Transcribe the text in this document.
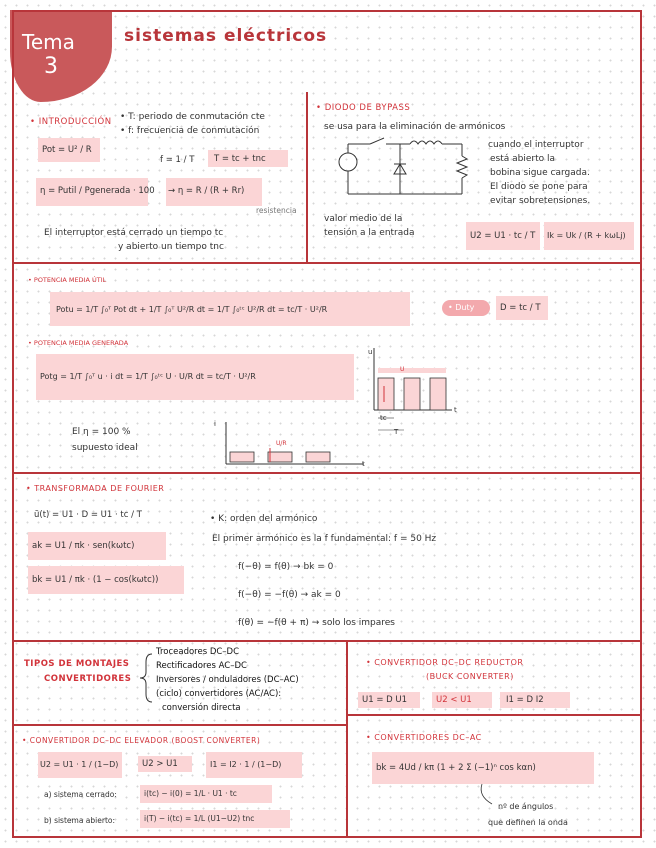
Tema
3
sistemas eléctricos
• INTRODUCCIÓN • T: periodo de conmutación cte
• f: frecuencia de conmutación
Pot = U² / R
f = 1 / T T = tc + tnc
η = Putil / Pgenerada · 100 → η = R / (R + Rr)
resistencia
El interruptor está cerrado un tiempo tc
y abierto un tiempo tnc
• DIODO DE BYPASS
se usa para la eliminación de armónicos
cuando el interruptor
está abierto la
bobina sigue cargada.
El diodo se pone para
evitar sobretensiones.
valor medio de la
tensión a la entrada	U2 = U1 · tc / T Ik = Uk / (R + kωLj)
• POTENCIA MEDIA ÚTIL
Potu = 1/T ∫₀ᵀ Pot dt + 1/T ∫₀ᵀ U²/R dt = 1/T ∫₀ᵗᶜ U²/R dt = tc/T · U²/R	• Duty	D = tc / T
• POTENCIA MEDIA GENERADA
Potg = 1/T ∫₀ᵀ u · i dt = 1/T ∫₀ᵗᶜ U · U/R dt = tc/T · U²/R
El η = 100 %
supuesto ideal
u
t
U
tc
T
i
t
U/R
• TRANSFORMADA DE FOURIER
ū(t) = U1 · D = U1 · tc / T
ak = U1 / πk · sen(kωtc)
bk = U1 / πk · (1 − cos(kωtc))
• K: orden del armónico
El primer armónico es la f fundamental: f = 50 Hz
f(−θ) = f(θ) → bk = 0
f(−θ) = −f(θ) → ak = 0
f(θ) = −f(θ + π) → solo los impares
TIPOS DE MONTAJES
CONVERTIDORES
Troceadores DC–DC
Rectificadores AC–DC
Inversores / onduladores (DC–AC)
(ciclo) convertidores (AC/AC):
conversión directa
• CONVERTIDOR DC–DC REDUCTOR
(BUCK CONVERTER)
U1 = D U1	U2 < U1	I1 = D I2
• CONVERTIDOR DC–DC ELEVADOR (BOOST CONVERTER)
U2 = U1 · 1 / (1−D)	U2 > U1	I1 = I2 · 1 / (1−D)
a) sistema cerrado:	i(tc) − i(0) = 1/L · U1 · tc
b) sistema abierto:	i(T) − i(tc) = 1/L (U1−U2) tnc
• CONVERTIDORES DC–AC
bk = 4Ud / kπ (1 + 2 Σ (−1)ⁿ cos kαn)
nº de ángulos
que definen la onda
